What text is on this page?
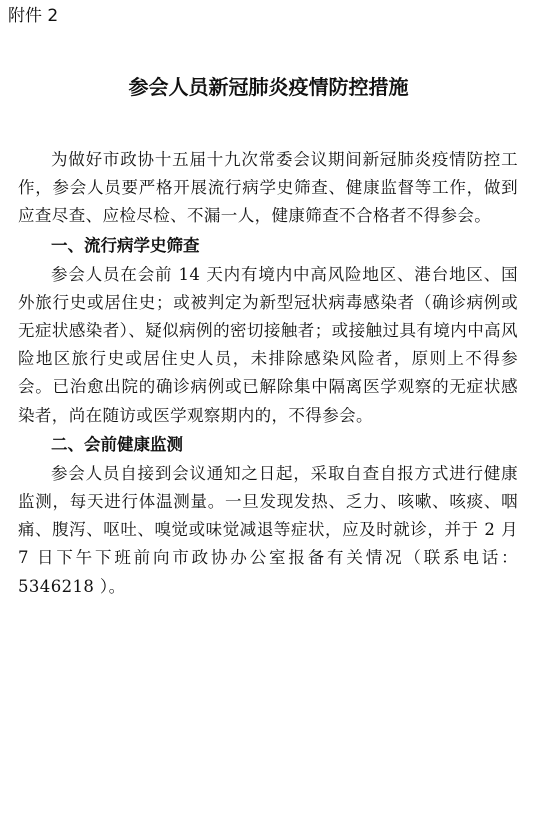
附件 2

参会人员新冠肺炎疫情防控措施

为做好市政协十五届十九次常委会议期间新冠肺炎疫情防控工作，参会人员要严格开展流行病学史筛查、健康监督等工作，做到应查尽查、应检尽检、不漏一人，健康筛查不合格者不得参会。

一、流行病学史筛查

参会人员在会前 14 天内有境内中高风险地区、港台地区、国外旅行史或居住史；或被判定为新型冠状病毒感染者（确诊病例或无症状感染者）、疑似病例的密切接触者；或接触过具有境内中高风险地区旅行史或居住史人员，未排除感染风险者，原则上不得参会。已治愈出院的确诊病例或已解除集中隔离医学观察的无症状感染者，尚在随访或医学观察期内的，不得参会。

二、会前健康监测

参会人员自接到会议通知之日起，采取自查自报方式进行健康监测，每天进行体温测量。一旦发现发热、乏力、咳嗽、咳痰、咽痛、腹泻、呕吐、嗅觉或味觉减退等症状，应及时就诊，并于 2 月 7 日下午下班前向市政协办公室报备有关情况（联系电话：5346218 ）。
